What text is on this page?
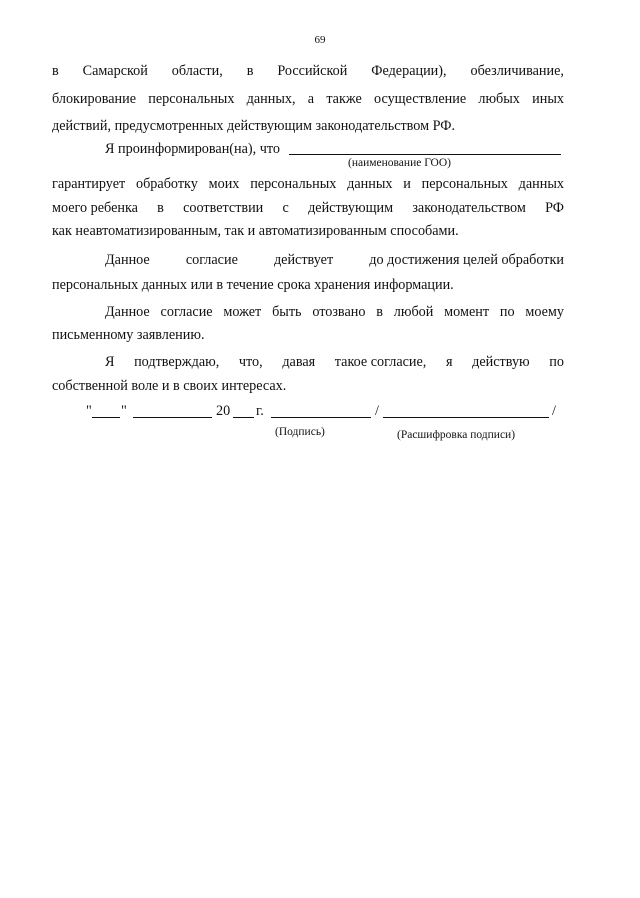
69
в Самарской области, в Российской Федерации), обезличивание,
блокирование персональных данных, а также осуществление любых иных
действий, предусмотренных действующим законодательством РФ.
Я проинформирован(на), что
(наименование ГОО)
гарантирует обработку моих персональных данных и персональных данных
моего ребенка в соответствии с действующим законодательством РФ
как неавтоматизированным, так и автоматизированным способами.
Данное	согласие	действует	до достижения целей обработки
персональных данных или в течение срока хранения информации.
Данное согласие может быть отозвано в любой момент по моему
письменному заявлению.
Я подтверждаю, что, давая такое согласие, я действую по
собственной воле и в своих интересах.
" "	20 г.	/	/
(Подпись)	(Расшифровка подписи)
